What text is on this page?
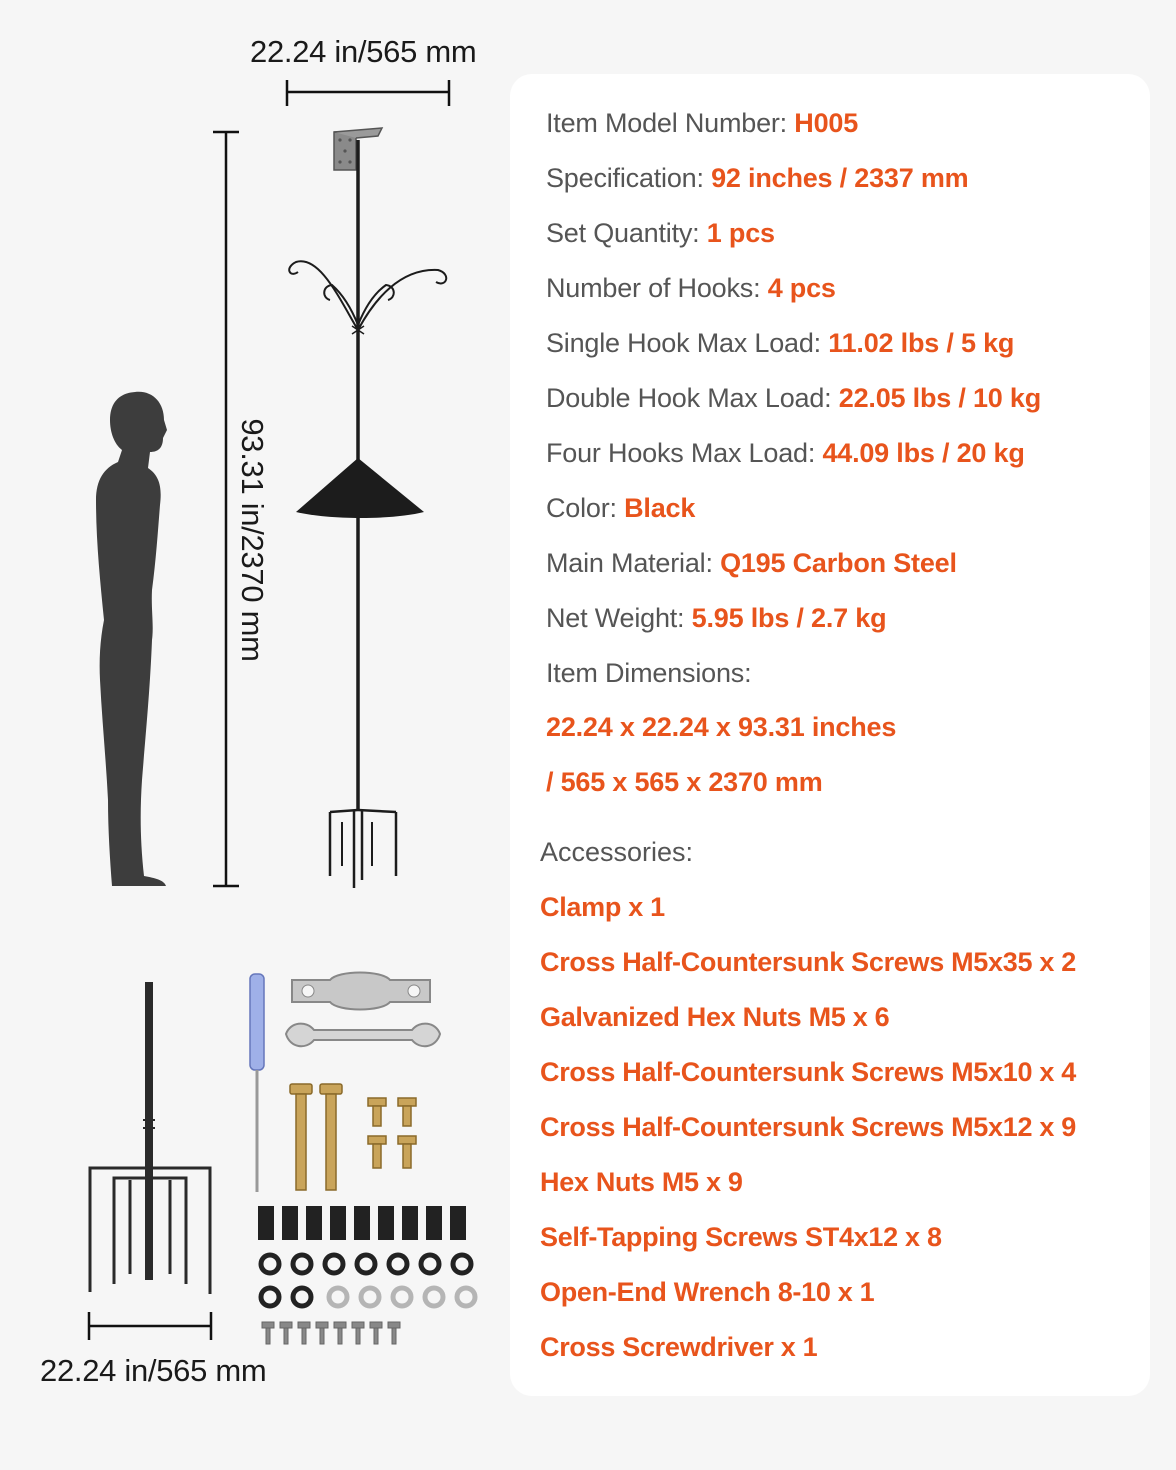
22.24 in/565 mm
93.31 in/2370 mm
22.24 in/565 mm
Item Model Number: H005
Specification: 92 inches / 2337 mm
Set Quantity: 1 pcs
Number of Hooks: 4 pcs
Single Hook Max Load: 11.02 lbs / 5 kg
Double Hook Max Load: 22.05 lbs / 10 kg
Four Hooks Max Load: 44.09 lbs / 20 kg
Color: Black
Main Material: Q195 Carbon Steel
Net Weight: 5.95 lbs / 2.7 kg
Item Dimensions:
22.24 x 22.24 x 93.31 inches
/ 565 x 565 x 2370 mm
Accessories:
Clamp x 1
Cross Half-Countersunk Screws M5x35 x 2
Galvanized Hex Nuts M5 x 6
Cross Half-Countersunk Screws M5x10 x 4
Cross Half-Countersunk Screws M5x12 x 9
Hex Nuts M5 x 9
Self-Tapping Screws ST4x12 x 8
Open-End Wrench 8-10 x 1
Cross Screwdriver x 1
